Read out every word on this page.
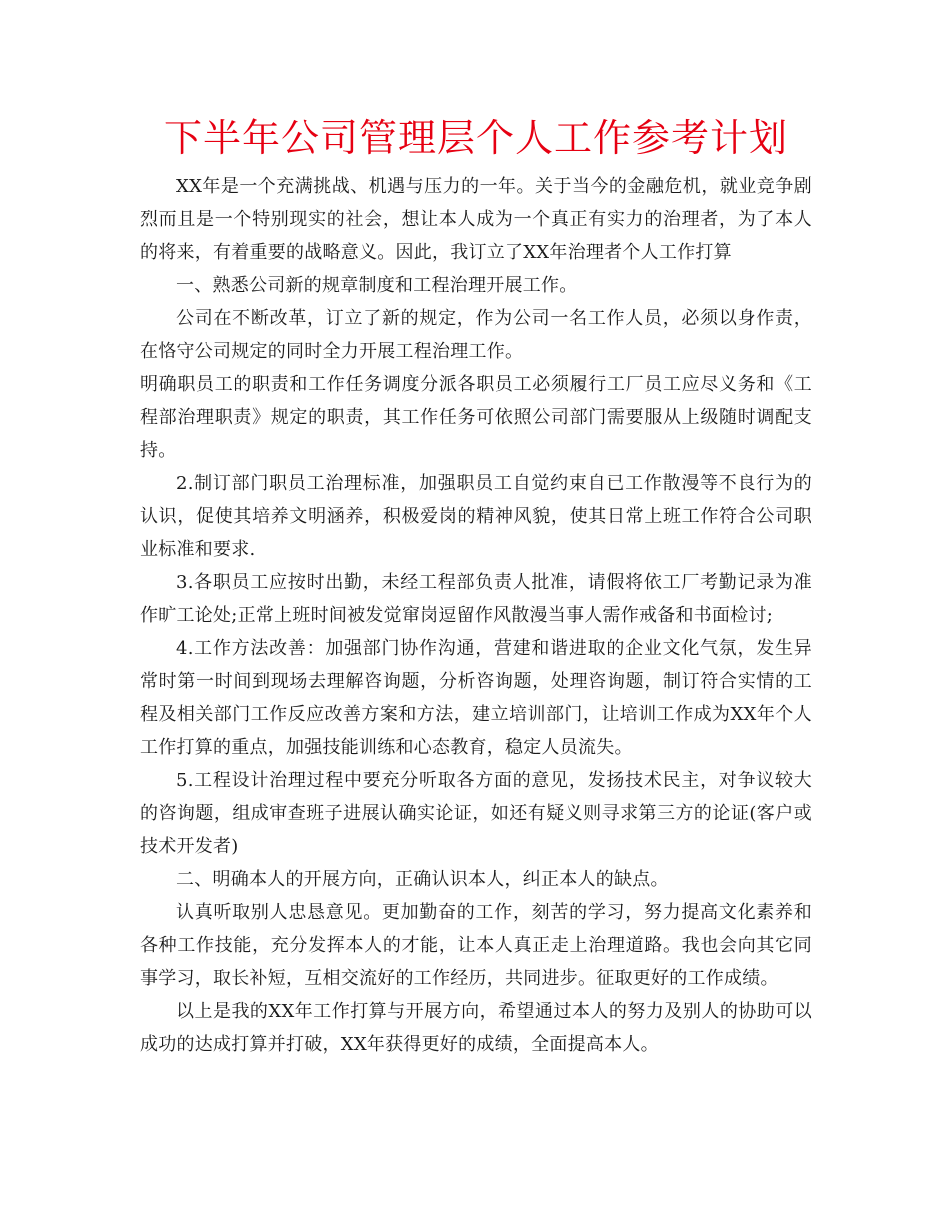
下半年公司管理层个人工作参考计划

XX年是一个充满挑战、机遇与压力的一年。关于当今的金融危机，就业竞争剧烈而且是一个特别现实的社会，想让本人成为一个真正有实力的治理者，为了本人的将来，有着重要的战略意义。因此，我订立了XX年治理者个人工作打算

一、熟悉公司新的规章制度和工程治理开展工作。

公司在不断改革，订立了新的规定，作为公司一名工作人员，必须以身作责，在恪守公司规定的同时全力开展工程治理工作。

明确职员工的职责和工作任务调度分派各职员工必须履行工厂员工应尽义务和《工程部治理职责》规定的职责，其工作任务可依照公司部门需要服从上级随时调配支持。

2.制订部门职员工治理标准，加强职员工自觉约束自已工作散漫等不良行为的认识，促使其培养文明涵养，积极爱岗的精神风貌，使其日常上班工作符合公司职业标准和要求.

3.各职员工应按时出勤，未经工程部负责人批准，请假将依工厂考勤记录为准作旷工论处;正常上班时间被发觉窜岗逗留作风散漫当事人需作戒备和书面检讨;

4.工作方法改善：加强部门协作沟通，营建和谐进取的企业文化气氛，发生异常时第一时间到现场去理解咨询题，分析咨询题，处理咨询题，制订符合实情的工程及相关部门工作反应改善方案和方法，建立培训部门，让培训工作成为XX年个人工作打算的重点，加强技能训练和心态教育，稳定人员流失。

5.工程设计治理过程中要充分听取各方面的意见，发扬技术民主，对争议较大的咨询题，组成审查班子进展认确实论证，如还有疑义则寻求第三方的论证(客户或技术开发者)

二、明确本人的开展方向，正确认识本人，纠正本人的缺点。

认真听取别人忠恳意见。更加勤奋的工作，刻苦的学习，努力提高文化素养和各种工作技能，充分发挥本人的才能，让本人真正走上治理道路。我也会向其它同事学习，取长补短，互相交流好的工作经历，共同进步。征取更好的工作成绩。

以上是我的XX年工作打算与开展方向，希望通过本人的努力及别人的协助可以成功的达成打算并打破，XX年获得更好的成绩，全面提高本人。
